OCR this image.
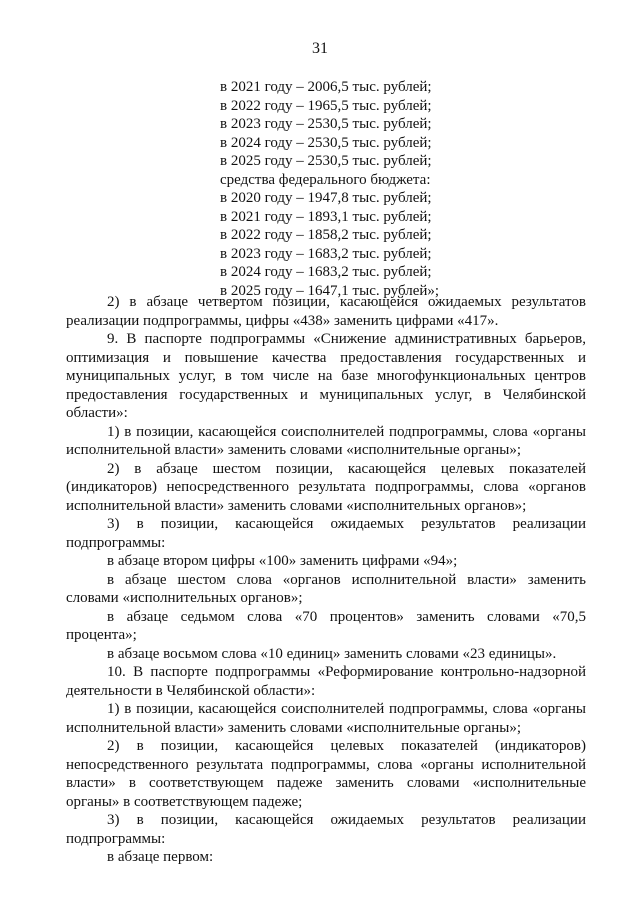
31
в 2021 году – 2006,5 тыс. рублей;
в 2022 году – 1965,5 тыс. рублей;
в 2023 году – 2530,5 тыс. рублей;
в 2024 году – 2530,5 тыс. рублей;
в 2025 году – 2530,5 тыс. рублей;
средства федерального бюджета:
в 2020 году – 1947,8 тыс. рублей;
в 2021 году – 1893,1 тыс. рублей;
в 2022 году – 1858,2 тыс. рублей;
в 2023 году – 1683,2 тыс. рублей;
в 2024 году – 1683,2 тыс. рублей;
в 2025 году – 1647,1 тыс. рублей»;

2) в абзаце четвертом позиции, касающейся ожидаемых результатов реализации подпрограммы, цифры «438» заменить цифрами «417».

9. В паспорте подпрограммы «Снижение административных барьеров, оптимизация и повышение качества предоставления государственных и муниципальных услуг, в том числе на базе многофункциональных центров предоставления государственных и муниципальных услуг, в Челябинской области»:

1) в позиции, касающейся соисполнителей подпрограммы, слова «органы исполнительной власти» заменить словами «исполнительные органы»;

2) в абзаце шестом позиции, касающейся целевых показателей (индикаторов) непосредственного результата подпрограммы, слова «органов исполнительной власти» заменить словами «исполнительных органов»;

3) в позиции, касающейся ожидаемых результатов реализации подпрограммы:

в абзаце втором цифры «100» заменить цифрами «94»;

в абзаце шестом слова «органов исполнительной власти» заменить словами «исполнительных органов»;

в абзаце седьмом слова «70 процентов» заменить словами «70,5 процента»;

в абзаце восьмом слова «10 единиц» заменить словами «23 единицы».

10. В паспорте подпрограммы «Реформирование контрольно-надзорной деятельности в Челябинской области»:

1) в позиции, касающейся соисполнителей подпрограммы, слова «органы исполнительной власти» заменить словами «исполнительные органы»;

2) в позиции, касающейся целевых показателей (индикаторов) непосредственного результата подпрограммы, слова «органы исполнительной власти» в соответствующем падеже заменить словами «исполнительные органы» в соответствующем падеже;

3) в позиции, касающейся ожидаемых результатов реализации подпрограммы:

в абзаце первом:
